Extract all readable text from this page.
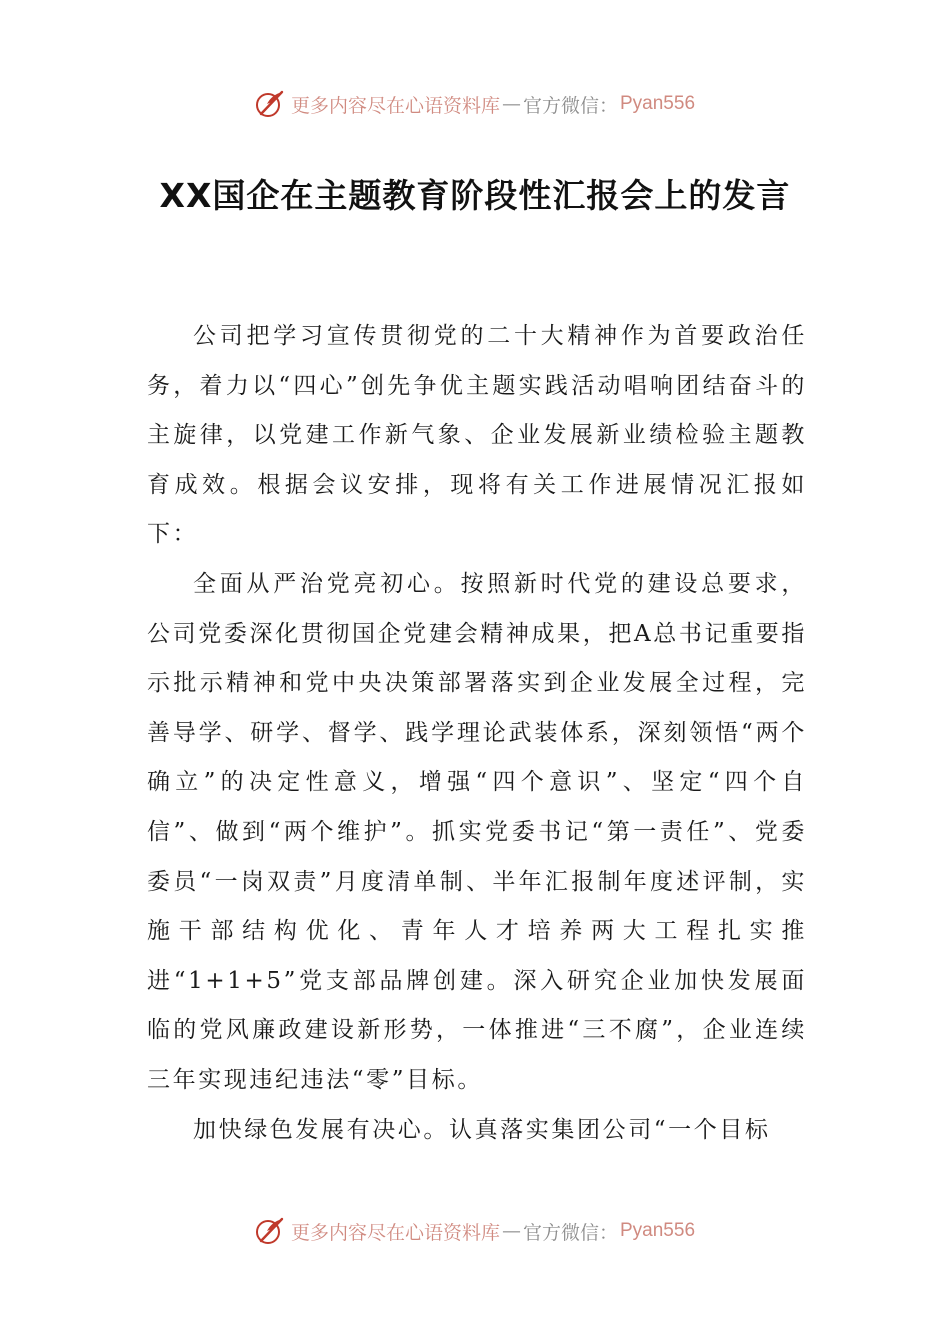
更多内容尽在心语资料库 — 官方微信： Pyan556
XX国企在主题教育阶段性汇报会上的发言

公司把学习宣传贯彻党的二十大精神作为首要政治任务，着力以“四心”创先争优主题实践活动唱响团结奋斗的主旋律，以党建工作新气象、企业发展新业绩检验主题教育成效。根据会议安排，现将有关工作进展情况汇报如下：

全面从严治党亮初心。按照新时代党的建设总要求，公司党委深化贯彻国企党建会精神成果，把A总书记重要指示批示精神和党中央决策部署落实到企业发展全过程，完善导学、研学、督学、践学理论武装体系，深刻领悟“两个确立”的决定性意义，增强“四个意识”、坚定“四个自信”、做到“两个维护”。抓实党委书记“第一责任”、党委委员“一岗双责”月度清单制、半年汇报制年度述评制，实施干部结构优化、青年人才培养两大工程扎实推进“1+1+5”党支部品牌创建。深入研究企业加快发展面临的党风廉政建设新形势，一体推进“三不腐”，企业连续三年实现违纪违法“零”目标。

加快绿色发展有决心。认真落实集团公司“一个目标

更多内容尽在心语资料库 — 官方微信： Pyan556
